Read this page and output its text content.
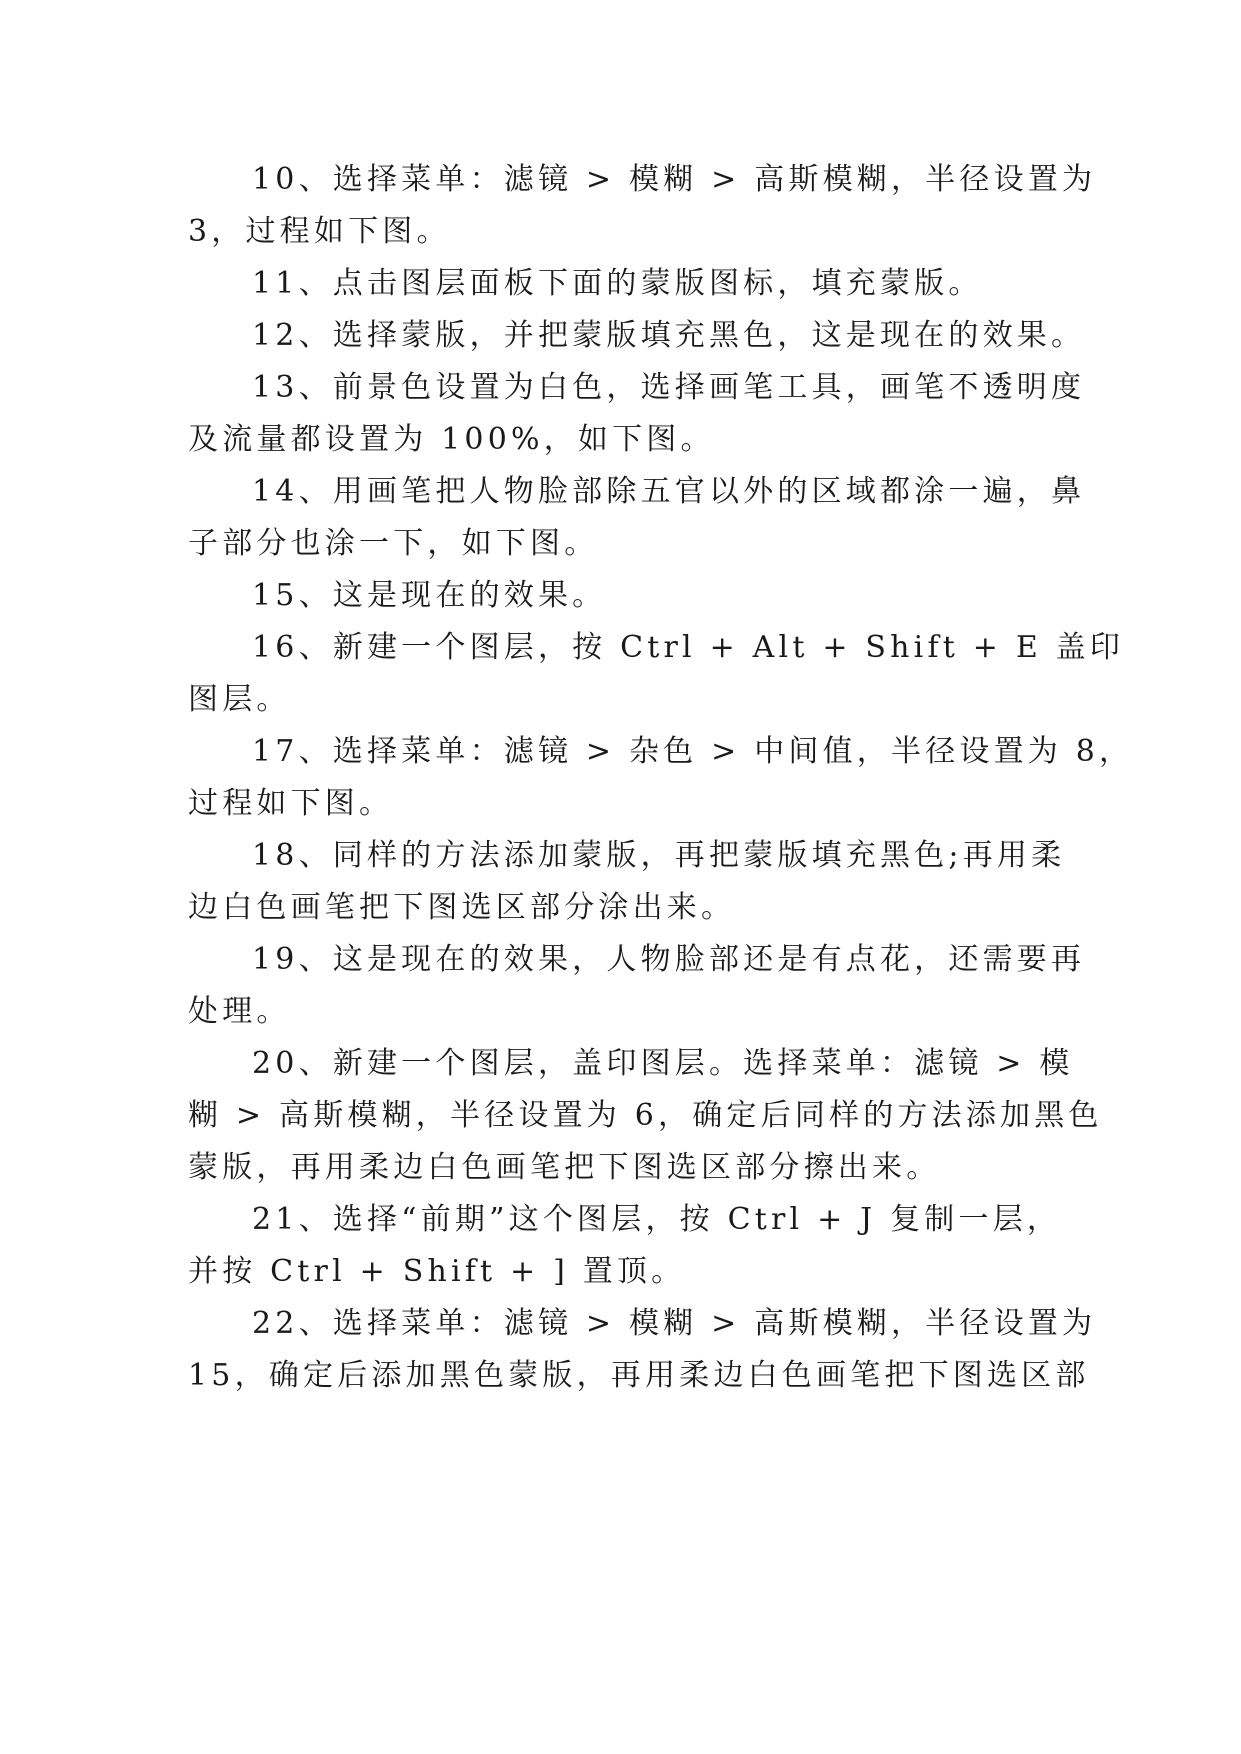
10、选择菜单：滤镜 > 模糊 > 高斯模糊，半径设置为
3，过程如下图。
11、点击图层面板下面的蒙版图标，填充蒙版。
12、选择蒙版，并把蒙版填充黑色，这是现在的效果。
13、前景色设置为白色，选择画笔工具，画笔不透明度
及流量都设置为 100%，如下图。
14、用画笔把人物脸部除五官以外的区域都涂一遍，鼻
子部分也涂一下，如下图。
15、这是现在的效果。
16、新建一个图层，按 Ctrl + Alt + Shift + E 盖印
图层。
17、选择菜单：滤镜 > 杂色 > 中间值，半径设置为 8，
过程如下图。
18、同样的方法添加蒙版，再把蒙版填充黑色;再用柔
边白色画笔把下图选区部分涂出来。
19、这是现在的效果，人物脸部还是有点花，还需要再
处理。
20、新建一个图层，盖印图层。选择菜单：滤镜 > 模
糊 > 高斯模糊，半径设置为 6，确定后同样的方法添加黑色
蒙版，再用柔边白色画笔把下图选区部分擦出来。
21、选择“前期”这个图层，按 Ctrl + J 复制一层，
并按 Ctrl + Shift + ] 置顶。
22、选择菜单：滤镜 > 模糊 > 高斯模糊，半径设置为
15，确定后添加黑色蒙版，再用柔边白色画笔把下图选区部
